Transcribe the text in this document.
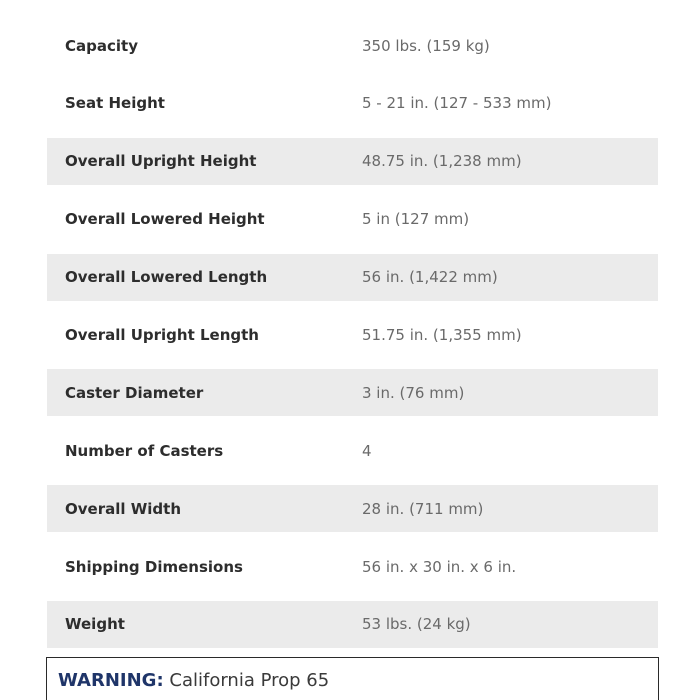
Capacity	350 lbs. (159 kg)
Seat Height	5 - 21 in. (127 - 533 mm)
Overall Upright Height	48.75 in. (1,238 mm)
Overall Lowered Height	5 in (127 mm)
Overall Lowered Length	56 in. (1,422 mm)
Overall Upright Length	51.75 in. (1,355 mm)
Caster Diameter	3 in. (76 mm)
Number of Casters	4
Overall Width	28 in. (711 mm)
Shipping Dimensions	56 in. x 30 in. x 6 in.
Weight	53 lbs. (24 kg)
WARNING: California Prop 65
